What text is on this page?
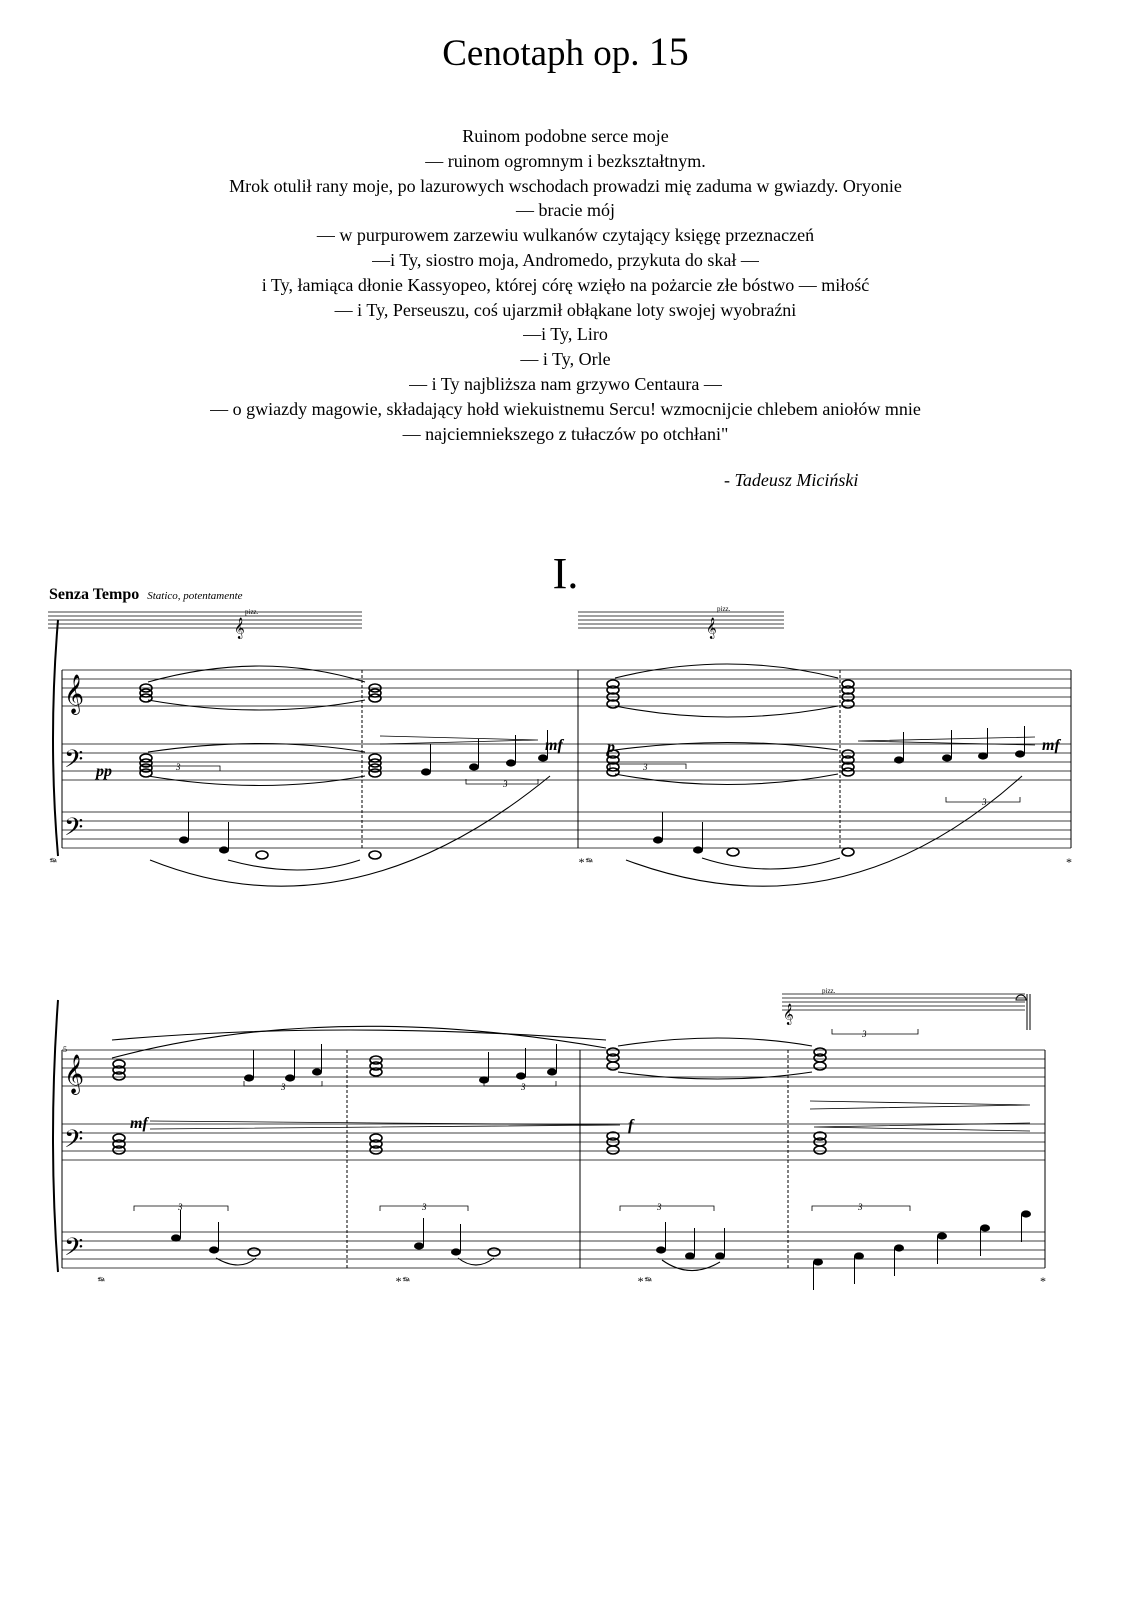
Cenotaph op. 15
Ruinom podobne serce moje
— ruinom ogromnym i bezkształtnym.
Mrok otulił rany moje, po lazurowych wschodach prowadzi mię zaduma w gwiazdy. Oryonie
— bracie mój
— w purpurowem zarzewiu wulkanów czytający księgę przeznaczeń
—i Ty, siostro moja, Andromedo, przykuta do skał —
i Ty, łamiąca dłonie Kassyopeo, której córę wzięło na pożarcie złe bóstwo — miłość
— i Ty, Perseuszu, coś ujarzmił obłąkane loty swojej wyobraźni
—i Ty, Liro
— i Ty, Orle
— i Ty najbliższa nam grzywo Centaura —
— o gwiazdy magowie, składający hołd wiekuistnemu Sercu! wzmocnijcie chlebem aniołów mnie
— najciemniekszego z tułaczów po otchłani"
- Tadeusz Miciński
I.
Senza Tempo Statico, potentamente
𝄞
𝄢
𝄢
𝄞
𝄢
𝄢
𝄞	𝄞
𝄞
pp
mf	p	mf
mf	f
pizz.	pizz.
pizz.
5
3
3
3
3
3	3
3	3	3	3
3
𝆮	*𝆮	*
𝆮	*𝆮	*𝆮	*
